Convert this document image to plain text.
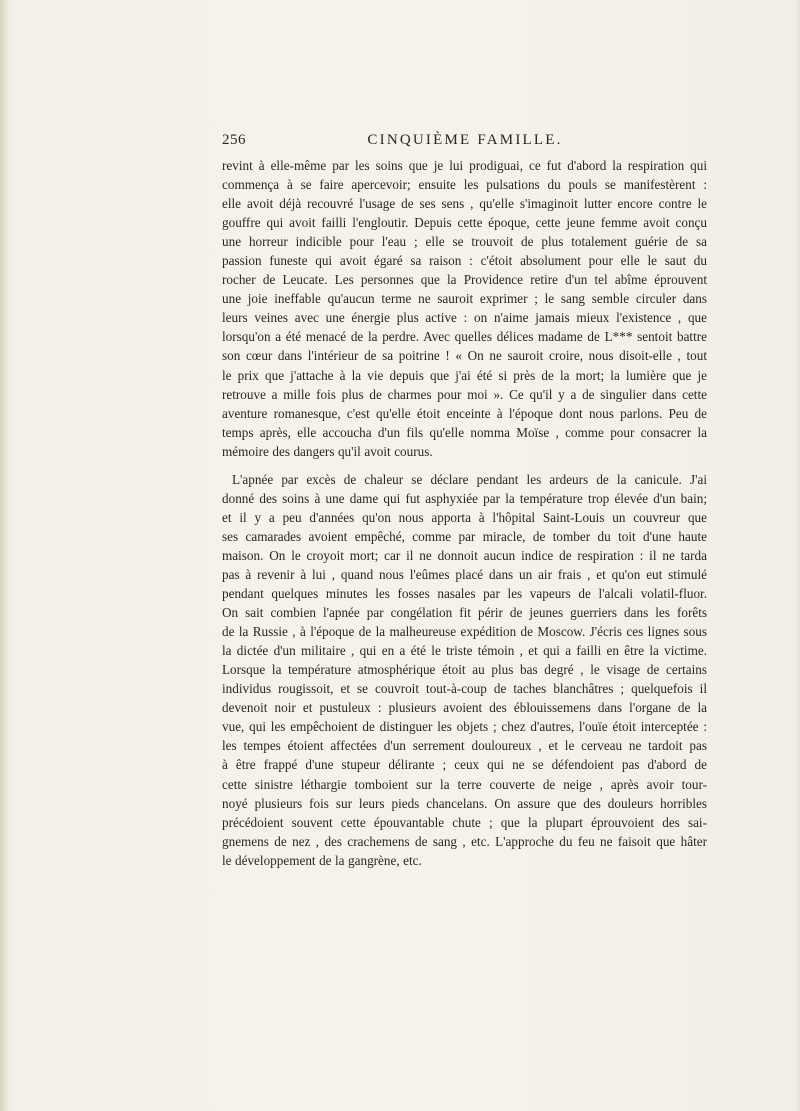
256	CINQUIÈME FAMILLE.
revint à elle-même par les soins que je lui prodiguai, ce fut d'abord la respiration qui
commença à se faire apercevoir; ensuite les pulsations du pouls se manifestèrent :
elle avoit déjà recouvré l'usage de ses sens , qu'elle s'imaginoit lutter encore contre le
gouffre qui avoit failli l'engloutir. Depuis cette époque, cette jeune femme avoit conçu
une horreur indicible pour l'eau ; elle se trouvoit de plus totalement guérie de sa
passion funeste qui avoit égaré sa raison : c'étoit absolument pour elle le saut du
rocher de Leucate. Les personnes que la Providence retire d'un tel abîme éprouvent
une joie ineffable qu'aucun terme ne sauroit exprimer ; le sang semble circuler dans
leurs veines avec une énergie plus active : on n'aime jamais mieux l'existence , que
lorsqu'on a été menacé de la perdre. Avec quelles délices madame de L*** sentoit battre
son cœur dans l'intérieur de sa poitrine ! « On ne sauroit croire, nous disoit-elle , tout
le prix que j'attache à la vie depuis que j'ai été si près de la mort; la lumière que je
retrouve a mille fois plus de charmes pour moi ». Ce qu'il y a de singulier dans cette
aventure romanesque, c'est qu'elle étoit enceinte à l'époque dont nous parlons. Peu de
temps après, elle accoucha d'un fils qu'elle nomma Moïse , comme pour consacrer la
mémoire des dangers qu'il avoit courus.
L'apnée par excès de chaleur se déclare pendant les ardeurs de la canicule. J'ai
donné des soins à une dame qui fut asphyxiée par la température trop élevée d'un bain;
et il y a peu d'années qu'on nous apporta à l'hôpital Saint-Louis un couvreur que
ses camarades avoient empêché, comme par miracle, de tomber du toit d'une haute
maison. On le croyoit mort; car il ne donnoit aucun indice de respiration : il ne tarda
pas à revenir à lui , quand nous l'eûmes placé dans un air frais , et qu'on eut stimulé
pendant quelques minutes les fosses nasales par les vapeurs de l'alcali volatil-fluor.
On sait combien l'apnée par congélation fit périr de jeunes guerriers dans les forêts
de la Russie , à l'époque de la malheureuse expédition de Moscow. J'écris ces lignes sous
la dictée d'un militaire , qui en a été le triste témoin , et qui a failli en être la victime.
Lorsque la température atmosphérique étoit au plus bas degré , le visage de certains
individus rougissoit, et se couvroit tout-à-coup de taches blanchâtres ; quelquefois il
devenoit noir et pustuleux : plusieurs avoient des éblouissemens dans l'organe de la
vue, qui les empêchoient de distinguer les objets ; chez d'autres, l'ouïe étoit interceptée :
les tempes étoient affectées d'un serrement douloureux , et le cerveau ne tardoit pas
à être frappé d'une stupeur délirante ; ceux qui ne se défendoient pas d'abord de
cette sinistre léthargie tomboient sur la terre couverte de neige , après avoir tour-
noyé plusieurs fois sur leurs pieds chancelans. On assure que des douleurs horribles
précédoient souvent cette épouvantable chute ; que la plupart éprouvoient des sai-
gnemens de nez , des crachemens de sang , etc. L'approche du feu ne faisoit que hâter
le développement de la gangrène, etc.
